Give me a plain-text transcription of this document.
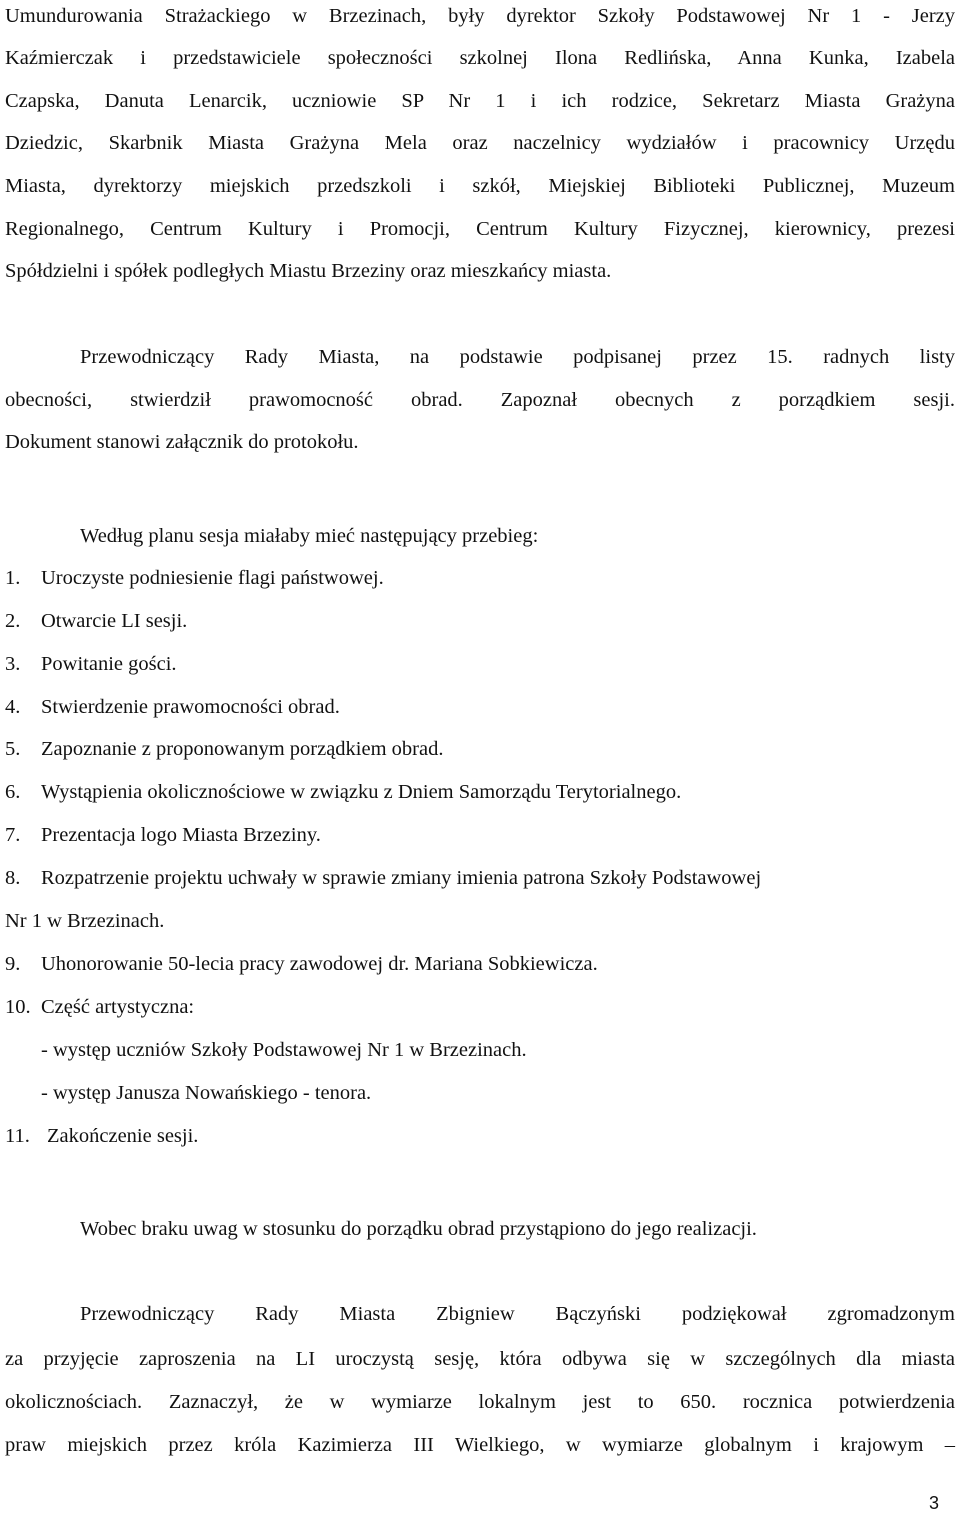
Umundurowania Strażackiego w Brzezinach, były dyrektor Szkoły Podstawowej Nr 1 - Jerzy
Kaźmierczak i przedstawiciele społeczności szkolnej Ilona Redlińska, Anna Kunka, Izabela
Czapska, Danuta Lenarcik, uczniowie SP Nr 1 i ich rodzice, Sekretarz Miasta Grażyna
Dziedzic, Skarbnik Miasta Grażyna Mela oraz naczelnicy wydziałów i pracownicy Urzędu
Miasta, dyrektorzy miejskich przedszkoli i szkół, Miejskiej Biblioteki Publicznej, Muzeum
Regionalnego, Centrum Kultury i Promocji, Centrum Kultury Fizycznej, kierownicy, prezesi
Spółdzielni i spółek podległych Miastu Brzeziny oraz mieszkańcy miasta.
Przewodniczący Rady Miasta, na podstawie podpisanej przez 15. radnych listy
obecności, stwierdził prawomocność obrad. Zapoznał obecnych z porządkiem sesji.
Dokument stanowi załącznik do protokołu.
Według planu sesja miałaby mieć następujący przebieg:
1. Uroczyste podniesienie flagi państwowej.
2. Otwarcie LI sesji.
3. Powitanie gości.
4. Stwierdzenie prawomocności obrad.
5. Zapoznanie z proponowanym porządkiem obrad.
6. Wystąpienia okolicznościowe w związku z Dniem Samorządu Terytorialnego.
7. Prezentacja logo Miasta Brzeziny.
8. Rozpatrzenie projektu uchwały w sprawie zmiany imienia patrona Szkoły Podstawowej
Nr 1 w Brzezinach.
9. Uhonorowanie 50-lecia pracy zawodowej dr. Mariana Sobkiewicza.
10. Część artystyczna:
- występ uczniów Szkoły Podstawowej Nr 1 w Brzezinach.
- występ Janusza Nowańskiego - tenora.
11. Zakończenie sesji.
Wobec braku uwag w stosunku do porządku obrad przystąpiono do jego realizacji.
Przewodniczący Rady Miasta Zbigniew Bączyński podziękował zgromadzonym
za przyjęcie zaproszenia na LI uroczystą sesję, która odbywa się w szczególnych dla miasta
okolicznościach. Zaznaczył, że w wymiarze lokalnym jest to 650. rocznica potwierdzenia
praw miejskich przez króla Kazimierza III Wielkiego, w wymiarze globalnym i krajowym –
3
